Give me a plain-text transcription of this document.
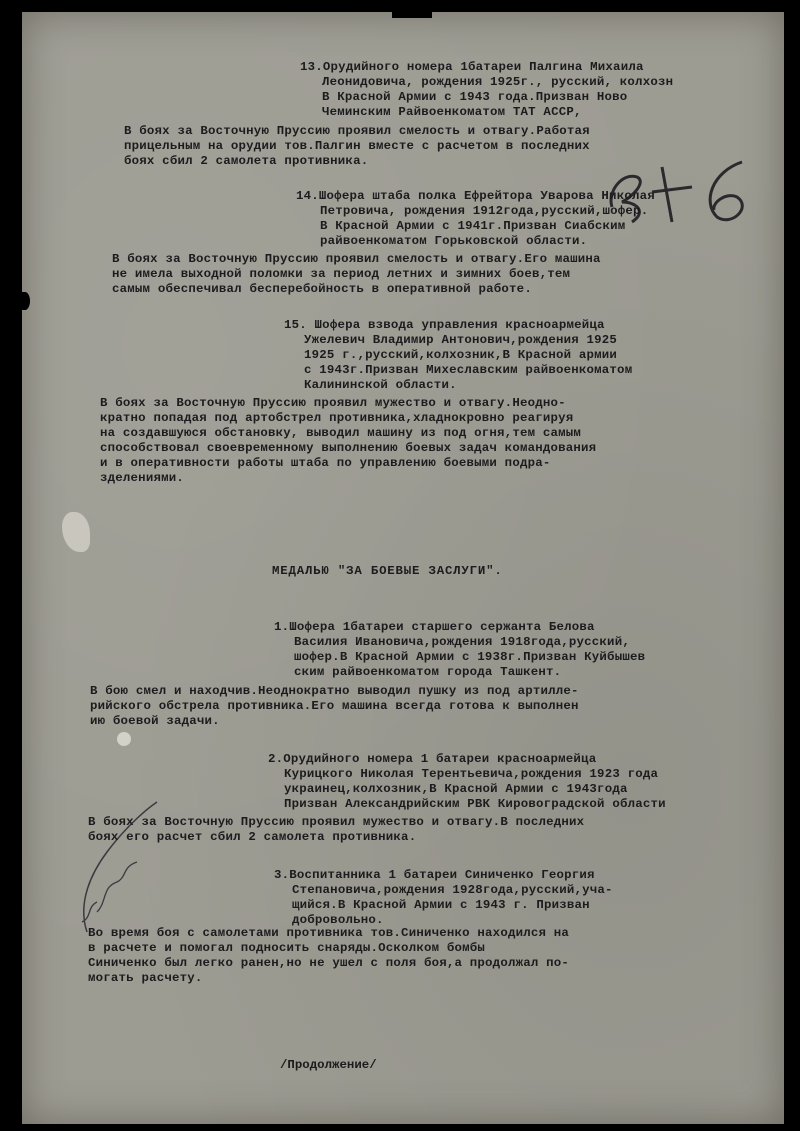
13.Орудийного номера 1батареи Палгина Михаила
Леонидовича, рождения 1925г., русский, колхозн
В Красной Армии с 1943 года.Призван Ново
Чеминским Райвоенкоматом ТАТ АССР,
В боях за Восточную Пруссию проявил смелость и отвагу.Работая
прицельным на орудии тов.Палгин вместе с расчетом в последних
боях сбил 2 самолета противника.
14.Шофера штаба полка Ефрейтора Уварова Николая
Петровича, рождения 1912года,русский,шофер.
В Красной Армии с 1941г.Призван Сиабским
райвоенкоматом Горьковской области.
В боях за Восточную Пруссию проявил смелость и отвагу.Его машина
не имела выходной поломки за период летних и зимних боев,тем
самым обеспечивал бесперебойность в оперативной работе.
15. Шофера взвода управления красноармейца
Ужелевич Владимир Антонович,рождения 1925
1925 г.,русский,колхозник,В Красной армии
с 1943г.Призван Михеславским райвоенкоматом
Калининской области.
В боях за Восточную Пруссию проявил мужество и отвагу.Неодно-
кратно попадая под артобстрел противника,хладнокровно реагируя
на создавшуюся обстановку, выводил машину из под огня,тем самым
способствовал своевременному выполнению боевых задач командования
и в оперативности работы штаба по управлению боевыми подра-
зделениями.
МЕДАЛЬЮ "ЗА БОЕВЫЕ ЗАСЛУГИ".
1.Шофера 1батареи старшего сержанта Белова
Василия Ивановича,рождения 1918года,русский,
шофер.В Красной Армии с 1938г.Призван Куйбышев
ским райвоенкоматом города Ташкент.
В бою смел и находчив.Неоднократно выводил пушку из под артилле-
рийского обстрела противника.Его машина всегда готова к выполнен
ию боевой задачи.
2.Орудийного номера 1 батареи красноармейца
Курицкого Николая Терентьевича,рождения 1923 года
украинец,колхозник,В Красной Армии с 1943года
Призван Александрийским РВК Кировоградской области
В боях за Восточную Пруссию проявил мужество и отвагу.В последних
боях его расчет сбил 2 самолета противника.
3.Воспитанника 1 батареи Синиченко Георгия
Степановича,рождения 1928года,русский,уча-
щийся.В Красной Армии с 1943 г. Призван
добровольно.
Во время боя с самолетами противника тов.Синиченко находился на
в расчете и помогал подносить снаряды.Осколком бомбы
Синиченко был легко ранен,но не ушел с поля боя,а продолжал по-
могать расчету.
/Продолжение/
